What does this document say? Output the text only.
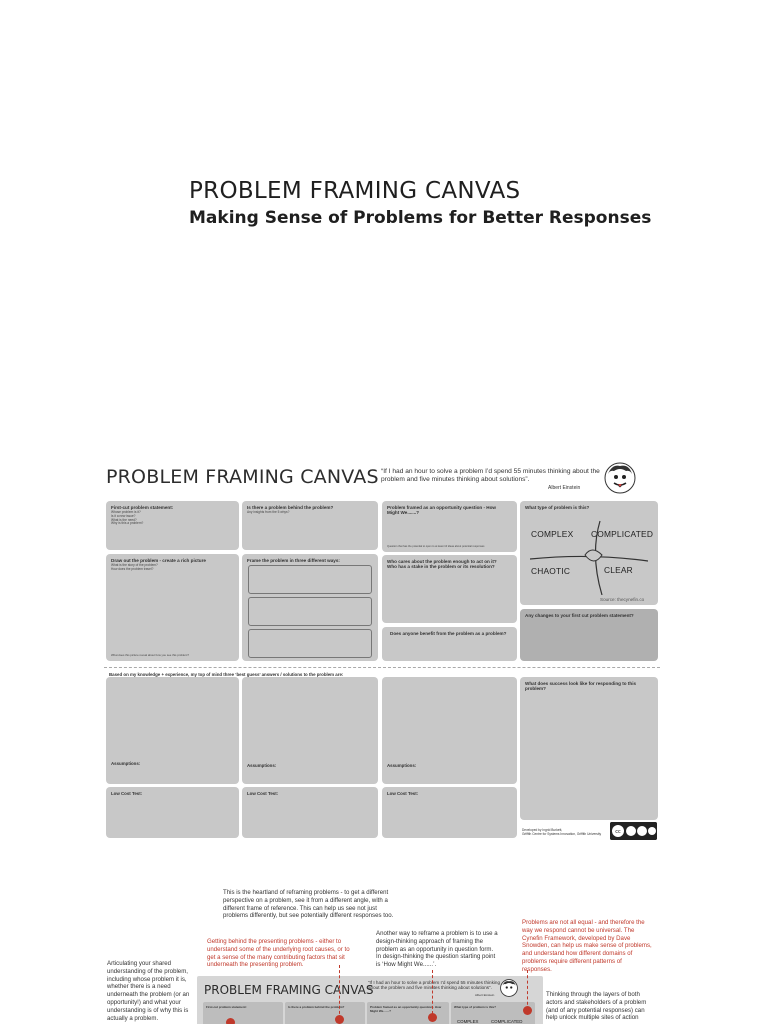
PROBLEM FRAMING CANVAS
Making Sense of Problems for Better Responses
PROBLEM FRAMING CANVAS “If I had an hour to solve a problem I’d spend 55 minutes thinking about the problem and five minutes thinking about solutions”.
Albert Einstein
First-cut problem statement:
Whose problem is it?
Is it a new issue?
What is the need?
Why is this a problem?
Is there a problem behind the problem?
Any insights from the 5 whys?
Problem framed as an opportunity question - How Might We.......?
Question that has the potential to open to at least 10 ideas about potential responses
What type of problem is this?
COMPLEX COMPLICATED
CHAOTIC	CLEAR
Source: thecynefin.co
Draw out the problem - create a rich picture
What is the story of the problem?
How does the problem travel?
What does this picture reveal about how you see this problem?
Frame the problem in three different ways:	Who cares about the problem enough to act on it?
Who has a stake in the problem or its resolution?
Does anyone benefit from the problem as a problem?
Any changes to your first cut problem statement?
Based on my knowledge + experience, my top of mind three ‘best guess’ answers / solutions to the problem are:
Assumptions:	Assumptions:	Assumptions:
What does success look like for responding to this problem?
Low Cost Test:	Low Cost Test:	Low Cost Test:
Developed by Ingrid Burkett,
Griffith Centre for Systems Innovation, Griffith University	cc
This is the heartland of reframing problems - to get a different perspective on a problem, see it from a different angle, with a different frame of reference. This can help us see not just problems differently, but see potentially different responses too.
Getting behind the presenting problems - either to understand some of the underlying root causes, or to get a sense of the many contributing factors that sit underneath the presenting problem.
Another way to reframe a problem is to use a design-thinking approach of framing the problem as an opportunity in question form. In design-thinking the question starting point is ‘How Might We......’.
Problems are not all equal - and therefore the way we respond cannot be universal. The Cynefin Framework, developed by Dave Snowden, can help us make sense of problems, and understand how different domains of problems require different patterns of responses.
Articulating your shared understanding of the problem, including whose problem it is, whether there is a need underneath the problem (or an opportunity!) and what your understanding is of why this is actually a problem.
Thinking through the layers of both actors and stakeholders of a problem (and of any potential responses) can help unlock multiple sites of action
PROBLEM FRAMING CANVAS
“If I had an hour to solve a problem I’d spend 55 minutes thinking about the problem and five minutes thinking about solutions”.
Albert Einstein
First-cut problem statement:	Is there a problem behind the problem?	Problem framed as an opportunity question - How Might We.......?
What type of problem is this?
COMPLEX	COMPLICATED
